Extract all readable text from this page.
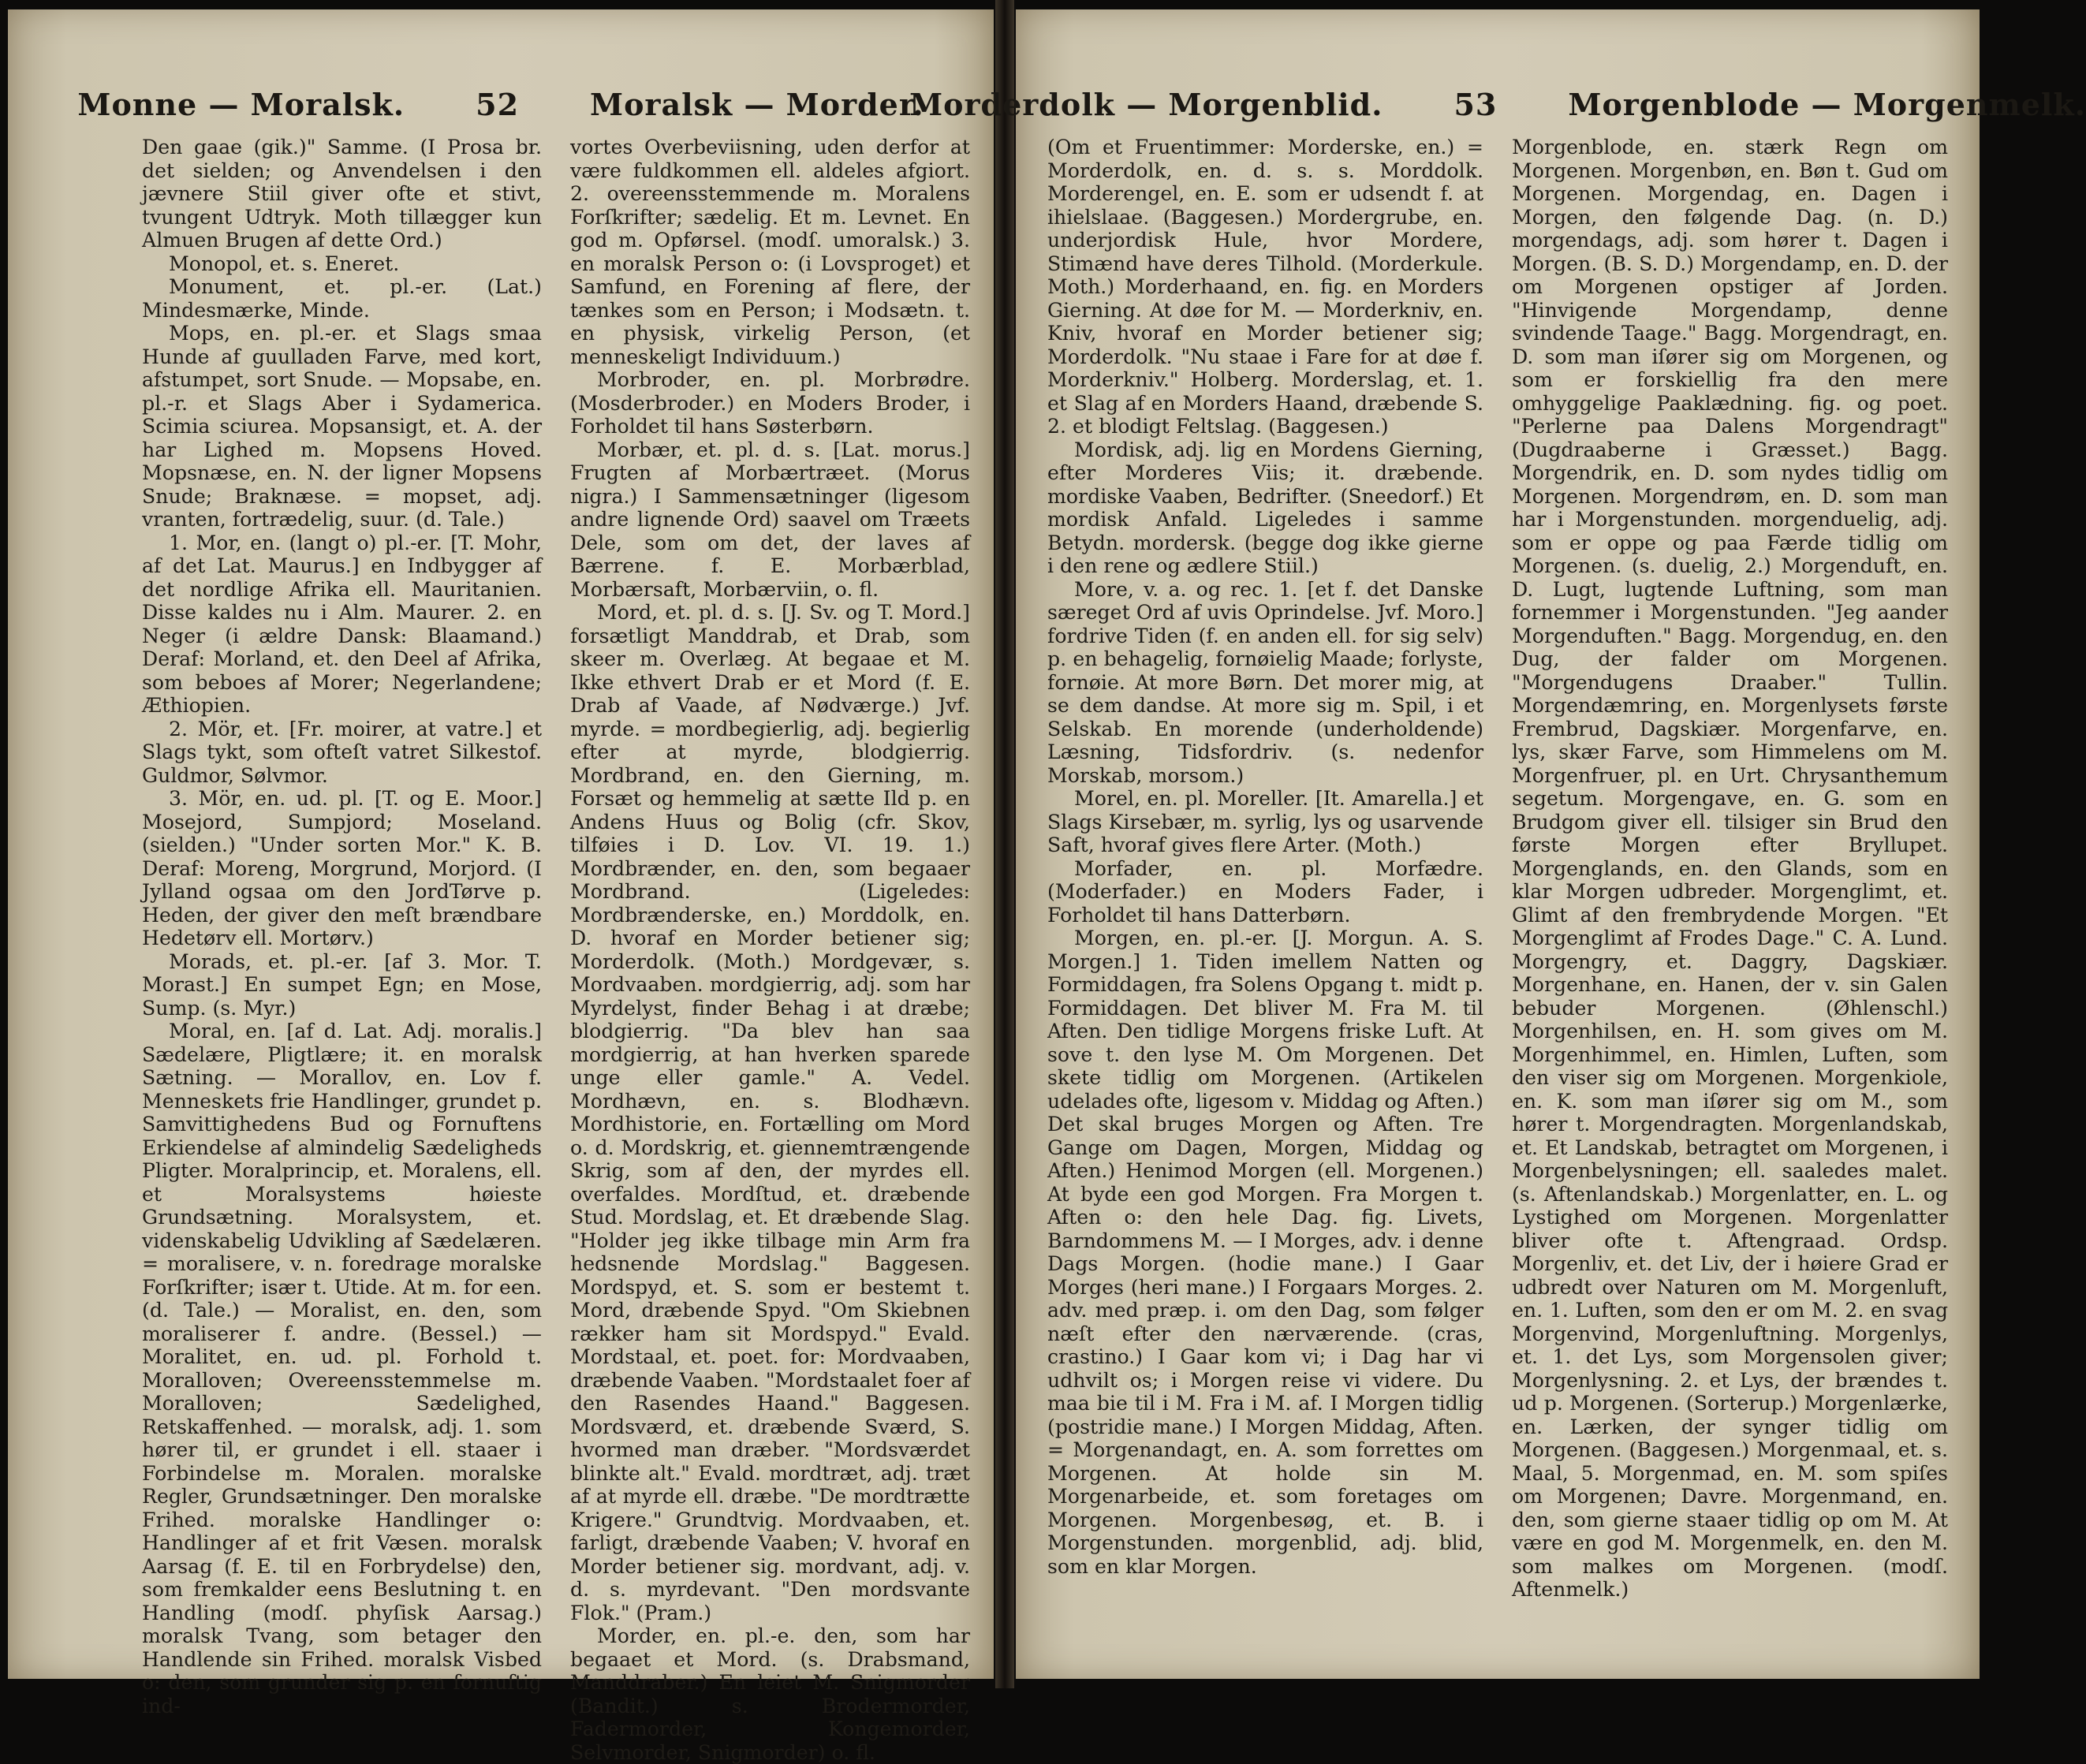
Monne — Moralsk. 52 Moralsk — Morder.

Den gaae (gik.)" Samme. (I Prosa br. det sielden; og Anvendelsen i den jævnere Stiil giver ofte et stivt, tvungent Udtryk. Moth tillægger kun Almuen Brugen af dette Ord.)

Monopol, et. s. Eneret.

Monument, et. pl.-er. (Lat.) Mindesmærke, Minde.

Mops, en. pl.-er. et Slags smaa Hunde af guulladen Farve, med kort, afstumpet, sort Snude. — Mopsabe, en. pl.-r. et Slags Aber i Sydamerica. Scimia sciurea. Mopsansigt, et. A. der har Lighed m. Mopsens Hoved. Mopsnæse, en. N. der ligner Mopsens Snude; Braknæse. = mopset, adj. vranten, fortrædelig, suur. (d. Tale.)

1. Mor, en. (langt o) pl.-er. [T. Mohr, af det Lat. Maurus.] en Indbygger af det nordlige Afrika ell. Mauritanien. Disse kaldes nu i Alm. Maurer. 2. en Neger (i ældre Dansk: Blaamand.) Deraf: Morland, et. den Deel af Afrika, som beboes af Morer; Negerlandene; Æthiopien.

2. Mör, et. [Fr. moirer, at vatre.] et Slags tykt, som ofteſt vatret Silkestof. Guldmor, Sølvmor.

3. Mör, en. ud. pl. [T. og E. Moor.] Mosejord, Sumpjord; Moseland. (sielden.) "Under sorten Mor." K. B. Deraf: Moreng, Morgrund, Morjord. (I Jylland ogsaa om den JordTørve p. Heden, der giver den meſt brændbare Hedetørv ell. Mortørv.)

Morads, et. pl.-er. [af 3. Mor. T. Morast.] En sumpet Egn; en Mose, Sump. (s. Myr.)

Moral, en. [af d. Lat. Adj. moralis.] Sædelære, Pligtlære; it. en moralsk Sætning. — Morallov, en. Lov f. Menneskets frie Handlinger, grundet p. Samvittighedens Bud og Fornuftens Erkiendelse af almindelig Sædeligheds Pligter. Moralprincip, et. Moralens, ell. et Moralsystems høieste Grundsætning. Moralsystem, et. videnskabelig Udvikling af Sædelæren. = moralisere, v. n. foredrage moralske Forſkrifter; især t. Utide. At m. for een. (d. Tale.) — Moralist, en. den, som moraliserer f. andre. (Bessel.) — Moralitet, en. ud. pl. Forhold t. Moralloven; Overeensstemmelse m. Moralloven; Sædelighed, Retskaffenhed. — moralsk, adj. 1. som hører til, er grundet i ell. staaer i Forbindelse m. Moralen. moralske Regler, Grundsætninger. Den moralske Frihed. moralske Handlinger o: Handlinger af et frit Væsen. moralsk Aarsag (f. E. til en Forbrydelse) den, som fremkalder eens Beslutning t. en Handling (modſ. phyſisk Aarsag.) moralsk Tvang, som betager den Handlende sin Frihed. moralsk Visbed o: den, som grunder sig p. en fornuftig ind-

vortes Overbeviisning, uden derfor at være fuldkommen ell. aldeles afgiort. 2. overeensstemmende m. Moralens Forſkrifter; sædelig. Et m. Levnet. En god m. Opførsel. (modſ. umoralsk.) 3. en moralsk Person o: (i Lovsproget) et Samfund, en Forening af flere, der tænkes som en Person; i Modsætn. t. en physisk, virkelig Person, (et menneskeligt Individuum.)

Morbroder, en. pl. Morbrødre. (Mosderbroder.) en Moders Broder, i Forholdet til hans Søsterbørn.

Morbær, et. pl. d. s. [Lat. morus.] Frugten af Morbærtræet. (Morus nigra.) I Sammensætninger (ligesom andre lignende Ord) saavel om Træets Dele, som om det, der laves af Bærrene. f. E. Morbærblad, Morbærsaft, Morbærviin, o. fl.

Mord, et. pl. d. s. [J. Sv. og T. Mord.] forsætligt Manddrab, et Drab, som skeer m. Overlæg. At begaae et M. Ikke ethvert Drab er et Mord (f. E. Drab af Vaade, af Nødværge.) Jvf. myrde. = mordbegierlig, adj. begierlig efter at myrde, blodgierrig. Mordbrand, en. den Gierning, m. Forsæt og hemmelig at sætte Ild p. en Andens Huus og Bolig (cfr. Skov, tilføies i D. Lov. VI. 19. 1.) Mordbrænder, en. den, som begaaer Mordbrand. (Ligeledes: Mordbrænderske, en.) Morddolk, en. D. hvoraf en Morder betiener sig; Morderdolk. (Moth.) Mordgevær, s. Mordvaaben. mordgierrig, adj. som har Myrdelyst, finder Behag i at dræbe; blodgierrig. "Da blev han saa mordgierrig, at han hverken sparede unge eller gamle." A. Vedel. Mordhævn, en. s. Blodhævn. Mordhistorie, en. Fortælling om Mord o. d. Mordskrig, et. giennemtrængende Skrig, som af den, der myrdes ell. overfaldes. Mordſtud, et. dræbende Stud. Mordslag, et. Et dræbende Slag. "Holder jeg ikke tilbage min Arm fra hedsnende Mordslag." Baggesen. Mordspyd, et. S. som er bestemt t. Mord, dræbende Spyd. "Om Skiebnen rækker ham sit Mordspyd." Evald. Mordstaal, et. poet. for: Mordvaaben, dræbende Vaaben. "Mordstaalet foer af den Rasendes Haand." Baggesen. Mordsværd, et. dræbende Sværd, S. hvormed man dræber. "Mordsværdet blinkte alt." Evald. mordtræt, adj. træt af at myrde ell. dræbe. "De mordtrætte Krigere." Grundtvig. Mordvaaben, et. farligt, dræbende Vaaben; V. hvoraf en Morder betiener sig. mordvant, adj. v. d. s. myrdevant. "Den mordsvante Flok." (Pram.)

Morder, en. pl.-e. den, som har begaaet et Mord. (s. Drabsmand, Manddraber.) En leiet M. Snigmorder (Bandit.) s. Brodermorder, Fadermorder, Kongemorder, Selvmorder, Snigmorder) o. fl.

Morderdolk — Morgenblid. 53 Morgenblode — Morgenmelk.

(Om et Fruentimmer: Morderske, en.) = Morderdolk, en. d. s. s. Morddolk. Morderengel, en. E. som er udsendt f. at ihielslaae. (Baggesen.) Mordergrube, en. underjordisk Hule, hvor Mordere, Stimænd have deres Tilhold. (Morderkule. Moth.) Morderhaand, en. fig. en Morders Gierning. At døe for M. — Morderkniv, en. Kniv, hvoraf en Morder betiener sig; Morderdolk. "Nu staae i Fare for at døe f. Morderkniv." Holberg. Morderslag, et. 1. et Slag af en Morders Haand, dræbende S. 2. et blodigt Feltslag. (Baggesen.)

Mordisk, adj. lig en Mordens Gierning, efter Morderes Viis; it. dræbende. mordiske Vaaben, Bedrifter. (Sneedorf.) Et mordisk Anfald. Ligeledes i samme Betydn. mordersk. (begge dog ikke gierne i den rene og ædlere Stiil.)

More, v. a. og rec. 1. [et f. det Danske særeget Ord af uvis Oprindelse. Jvf. Moro.] fordrive Tiden (f. en anden ell. for sig selv) p. en behagelig, fornøielig Maade; forlyste, fornøie. At more Børn. Det morer mig, at se dem dandse. At more sig m. Spil, i et Selskab. En morende (underholdende) Læsning, Tidsfordriv. (s. nedenfor Morskab, morsom.)

Morel, en. pl. Moreller. [It. Amarella.] et Slags Kirsebær, m. syrlig, lys og usarvende Saft, hvoraf gives flere Arter. (Moth.)

Morfader, en. pl. Morfædre. (Moderfader.) en Moders Fader, i Forholdet til hans Datterbørn.

Morgen, en. pl.-er. [J. Morgun. A. S. Morgen.] 1. Tiden imellem Natten og Formiddagen, fra Solens Opgang t. midt p. Formiddagen. Det bliver M. Fra M. til Aften. Den tidlige Morgens friske Luft. At sove t. den lyse M. Om Morgenen. Det skete tidlig om Morgenen. (Artikelen udelades ofte, ligesom v. Middag og Aften.) Det skal bruges Morgen og Aften. Tre Gange om Dagen, Morgen, Middag og Aften.) Henimod Morgen (ell. Morgenen.) At byde een god Morgen. Fra Morgen t. Aften o: den hele Dag. fig. Livets, Barndommens M. — I Morges, adv. i denne Dags Morgen. (hodie mane.) I Gaar Morges (heri mane.) I Forgaars Morges. 2. adv. med præp. i. om den Dag, som følger næſt efter den nærværende. (cras, crastino.) I Gaar kom vi; i Dag har vi udhvilt os; i Morgen reise vi videre. Du maa bie til i M. Fra i M. af. I Morgen tidlig (postridie mane.) I Morgen Middag, Aften. = Morgenandagt, en. A. som forrettes om Morgenen. At holde sin M. Morgenarbeide, et. som foretages om Morgenen. Morgenbesøg, et. B. i Morgenstunden. morgenblid, adj. blid, som en klar Morgen.

Morgenblode, en. stærk Regn om Morgenen. Morgenbøn, en. Bøn t. Gud om Morgenen. Morgendag, en. Dagen i Morgen, den følgende Dag. (n. D.) morgendags, adj. som hører t. Dagen i Morgen. (B. S. D.) Morgendamp, en. D. der om Morgenen opstiger af Jorden. "Hinvigende Morgendamp, denne svindende Taage." Bagg. Morgendragt, en. D. som man iſører sig om Morgenen, og som er forskiellig fra den mere omhyggelige Paaklædning. fig. og poet. "Perlerne paa Dalens Morgendragt" (Dugdraaberne i Græsset.) Bagg. Morgendrik, en. D. som nydes tidlig om Morgenen. Morgendrøm, en. D. som man har i Morgenstunden. morgenduelig, adj. som er oppe og paa Færde tidlig om Morgenen. (s. duelig, 2.) Morgenduft, en. D. Lugt, lugtende Luftning, som man fornemmer i Morgenstunden. "Jeg aander Morgenduften." Bagg. Morgendug, en. den Dug, der falder om Morgenen. "Morgendugens Draaber." Tullin. Morgendæmring, en. Morgenlysets første Frembrud, Dagskiær. Morgenfarve, en. lys, skær Farve, som Himmelens om M. Morgenfruer, pl. en Urt. Chrysanthemum segetum. Morgengave, en. G. som en Brudgom giver ell. tilsiger sin Brud den første Morgen efter Bryllupet. Morgenglands, en. den Glands, som en klar Morgen udbreder. Morgenglimt, et. Glimt af den frembrydende Morgen. "Et Morgenglimt af Frodes Dage." C. A. Lund. Morgengry, et. Daggry, Dagskiær. Morgenhane, en. Hanen, der v. sin Galen bebuder Morgenen. (Øhlenschl.) Morgenhilsen, en. H. som gives om M. Morgenhimmel, en. Himlen, Luften, som den viser sig om Morgenen. Morgenkiole, en. K. som man iſører sig om M., som hører t. Morgendragten. Morgenlandskab, et. Et Landskab, betragtet om Morgenen, i Morgenbelysningen; ell. saaledes malet. (s. Aftenlandskab.) Morgenlatter, en. L. og Lystighed om Morgenen. Morgenlatter bliver ofte t. Aftengraad. Ordsp. Morgenliv, et. det Liv, der i høiere Grad er udbredt over Naturen om M. Morgenluft, en. 1. Luften, som den er om M. 2. en svag Morgenvind, Morgenluftning. Morgenlys, et. 1. det Lys, som Morgensolen giver; Morgenlysning. 2. et Lys, der brændes t. ud p. Morgenen. (Sorterup.) Morgenlærke, en. Lærken, der synger tidlig om Morgenen. (Baggesen.) Morgenmaal, et. s. Maal, 5. Morgenmad, en. M. som spiſes om Morgenen; Davre. Morgenmand, en. den, som gierne staaer tidlig op om M. At være en god M. Morgenmelk, en. den M. som malkes om Morgenen. (modſ. Aftenmelk.)
